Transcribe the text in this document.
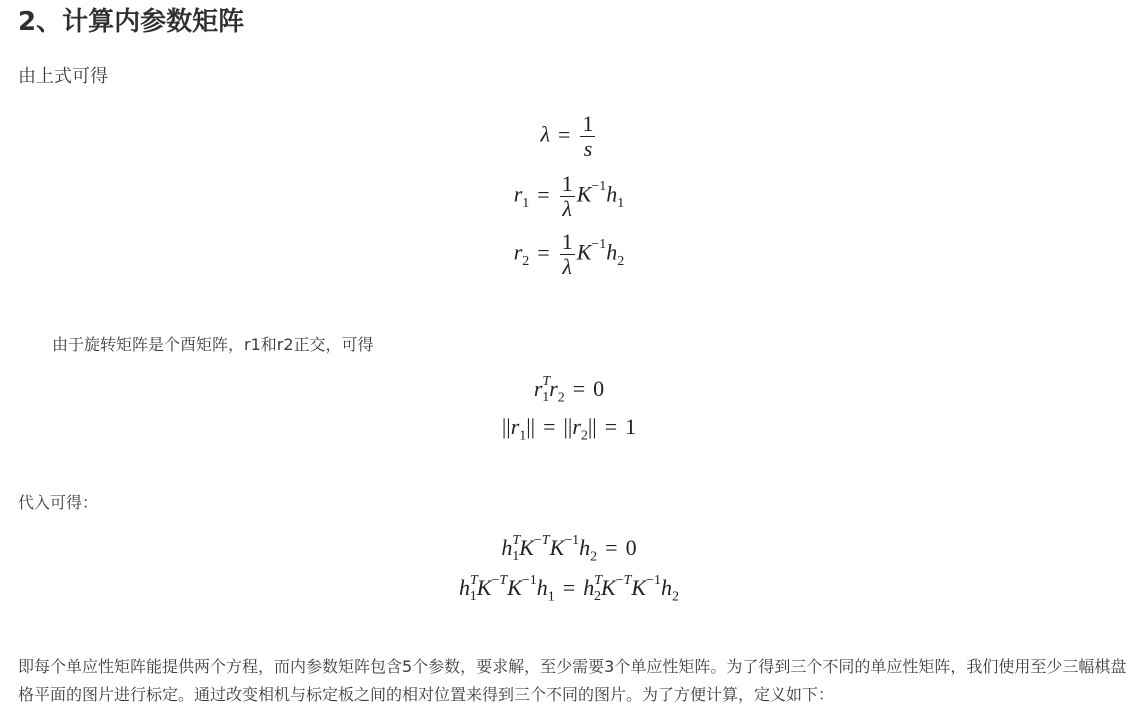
2、计算内参数矩阵
由上式可得
$\lambda = \frac{1}{s}$
$r_1 = \frac{1}{\lambda} K^{-1}h_1$
$r_2 = \frac{1}{\lambda} K^{-1}h_2$
由于旋转矩阵是个酉矩阵，r1和r2正交，可得
$r^T_1r_2 = 0$
$||r_1|| = ||r_2|| = 1$
代入可得：
$h^T_1K^{-T}K^{-1}h_2 = 0$
$h^T_1K^{-T}K^{-1}h_1 = h^T_2K^{-T}K^{-1}h_2$
即每个单应性矩阵能提供两个方程，而内参数矩阵包含5个参数，要求解，至少需要3个单应性矩阵。为了得到三个不同的单应性矩阵，我们使用至少三幅棋盘格平面的图片进行标定。通过改变相机与标定板之间的相对位置来得到三个不同的图片。为了方便计算，定义如下：
